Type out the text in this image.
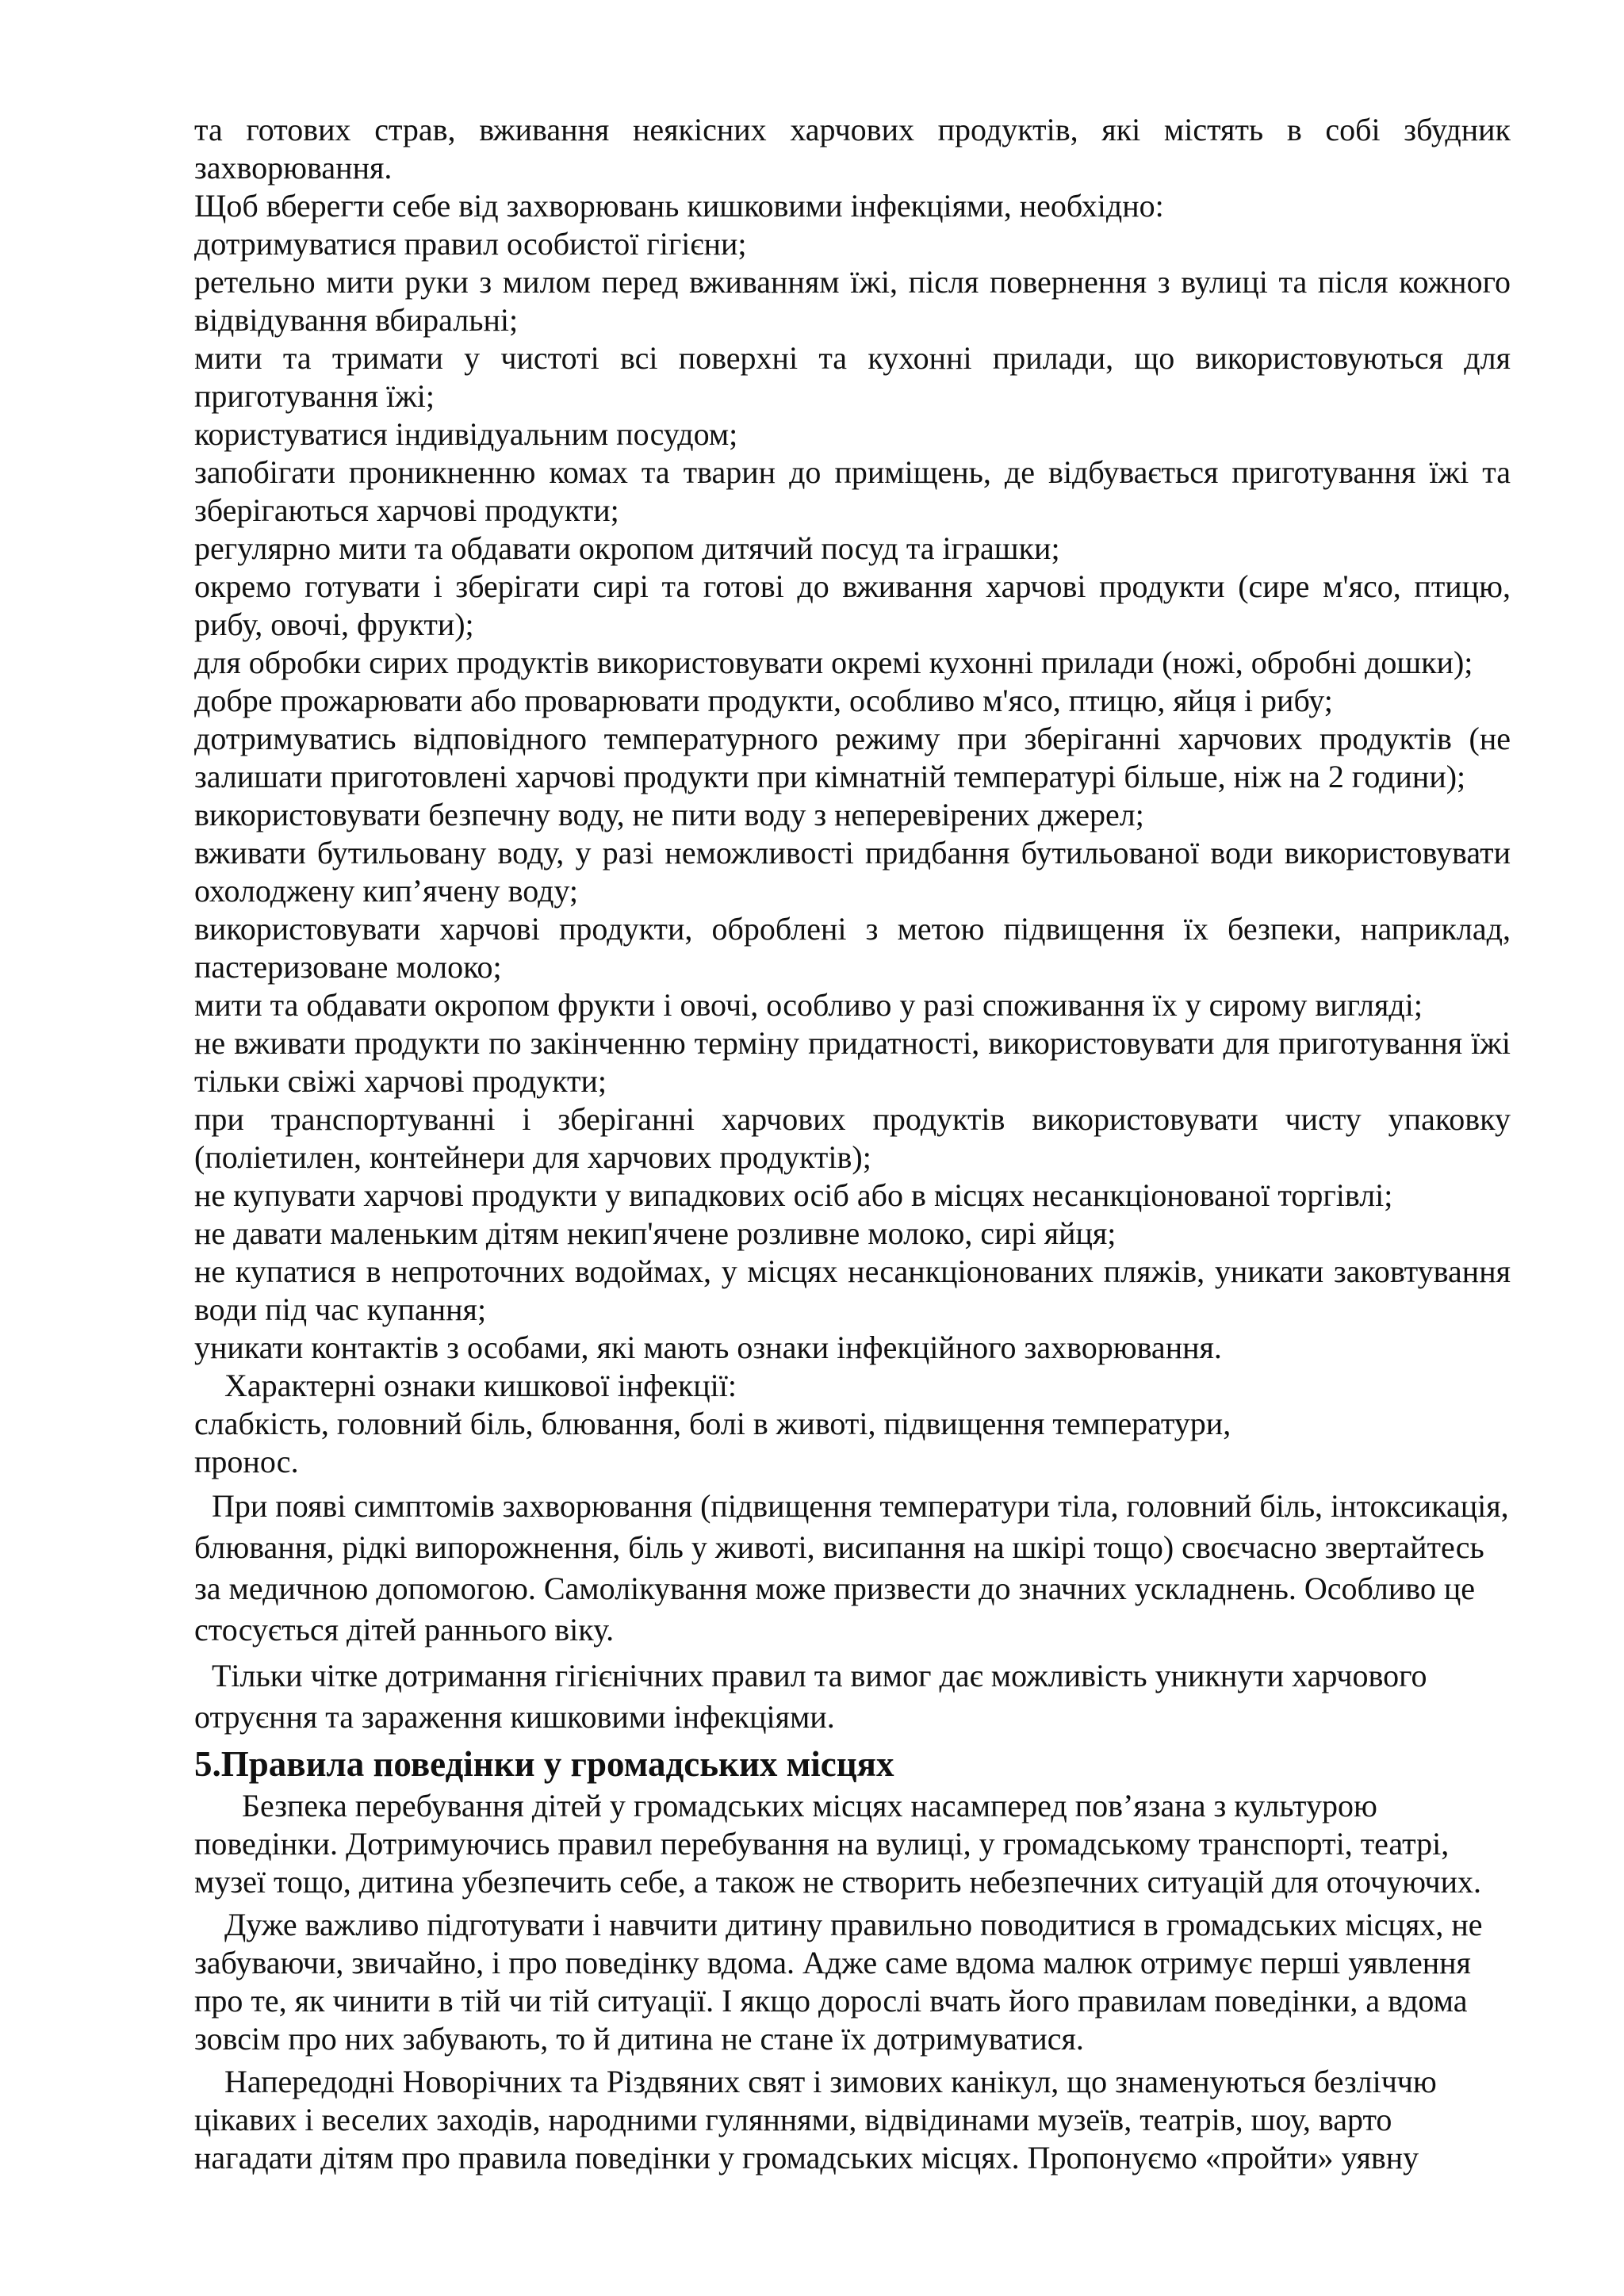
та готових страв, вживання неякісних харчових продуктів, які містять в собі збудник захворювання.

Щоб вберегти себе від захворювань кишковими інфекціями, необхідно:

дотримуватися правил особистої гігієни;

ретельно мити руки з милом перед вживанням їжі, після повернення з вулиці та після кожного відвідування вбиральні;

мити та тримати у чистоті всі поверхні та кухонні прилади, що використовуються для приготування їжі;

користуватися індивідуальним посудом;

запобігати проникненню комах та тварин до приміщень, де відбувається приготування їжі та зберігаються харчові продукти;

регулярно мити та обдавати окропом дитячий посуд та іграшки;

окремо готувати і зберігати сирі та готові до вживання харчові продукти (сире м'ясо, птицю, рибу, овочі, фрукти);

для обробки сирих продуктів використовувати окремі кухонні прилади (ножі, обробні дошки);

добре прожарювати або проварювати продукти, особливо м'ясо, птицю, яйця і рибу;

дотримуватись відповідного температурного режиму при зберіганні харчових продуктів (не залишати приготовлені харчові продукти при кімнатній температурі більше, ніж на 2 години);

використовувати безпечну воду, не пити воду з неперевірених джерел;

вживати бутильовану воду, у разі неможливості придбання бутильованої води використовувати охолоджену кип’ячену воду;

використовувати харчові продукти, оброблені з метою підвищення їх безпеки, наприклад, пастеризоване молоко;

мити та обдавати окропом фрукти і овочі, особливо у разі споживання їх у сирому вигляді;

не вживати продукти по закінченню терміну придатності, використовувати для приготування їжі тільки свіжі харчові продукти;

при транспортуванні і зберіганні харчових продуктів використовувати чисту упаковку (поліетилен, контейнери для харчових продуктів);

не купувати харчові продукти у випадкових осіб або в місцях несанкціонованої торгівлі;

не давати маленьким дітям некип'ячене розливне молоко, сирі яйця;

не купатися в непроточних водоймах, у місцях несанкціонованих пляжів, уникати заковтування води під час купання;

уникати контактів з особами, які мають ознаки інфекційного захворювання.

Характерні ознаки кишкової інфекції:

слабкість, головний біль, блювання, болі в животі, підвищення температури,

пронос.

При появі симптомів захворювання (підвищення температури тіла, головний біль, інтоксикація, блювання, рідкі випорожнення, біль у животі, висипання на шкірі тощо) своєчасно звертайтесь за медичною допомогою. Самолікування може призвести до значних ускладнень. Особливо це стосується дітей раннього віку.

Тільки чітке дотримання гігієнічних правил та вимог дає можливість уникнути харчового отруєння та зараження кишковими інфекціями.

5.Правила поведінки у громадських місцях

Безпека перебування дітей у громадських місцях насамперед пов’язана з культурою поведінки. Дотримуючись правил перебування на вулиці, у громадському транспорті, театрі, музеї тощо, дитина убезпечить себе, а також не створить небезпечних ситуацій для оточуючих.

Дуже важливо підготувати і навчити дитину правильно поводитися в громадських місцях, не забуваючи, звичайно, і про поведінку вдома. Адже саме вдома малюк отримує перші уявлення про те, як чинити в тій чи тій ситуації. І якщо дорослі вчать його правилам поведінки, а вдома зовсім про них забувають, то й дитина не стане їх дотримуватися.

Напередодні Новорічних та Різдвяних свят і зимових канікул, що знаменуються безліччю цікавих і веселих заходів, народними гуляннями, відвідинами музеїв, театрів, шоу, варто нагадати дітям про правила поведінки у громадських місцях. Пропонуємо «пройти» уявну
